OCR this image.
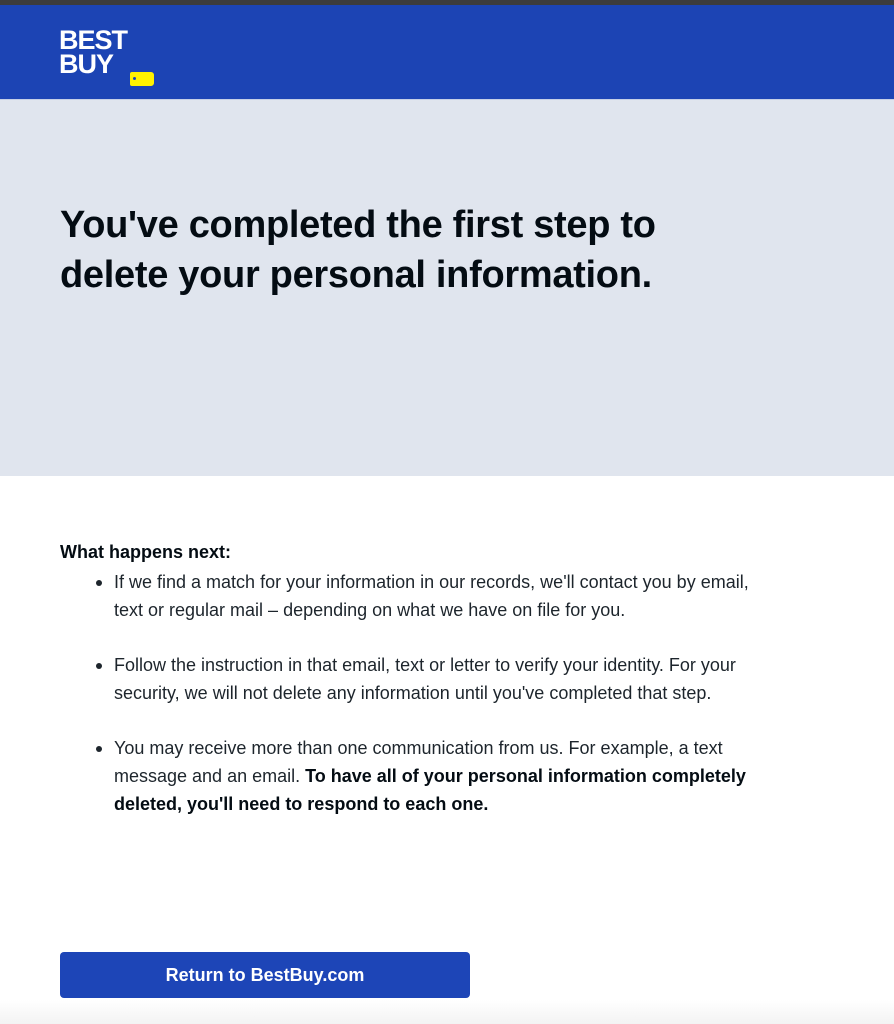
BEST
BUY
You've completed the first step to delete your personal information.
What happens next:
If we find a match for your information in our records, we'll contact you by email, text or regular mail – depending on what we have on file for you.
Follow the instruction in that email, text or letter to verify your identity. For your security, we will not delete any information until you've completed that step.
You may receive more than one communication from us. For example, a text message and an email. To have all of your personal information completely deleted, you'll need to respond to each one.
Return to BestBuy.com
